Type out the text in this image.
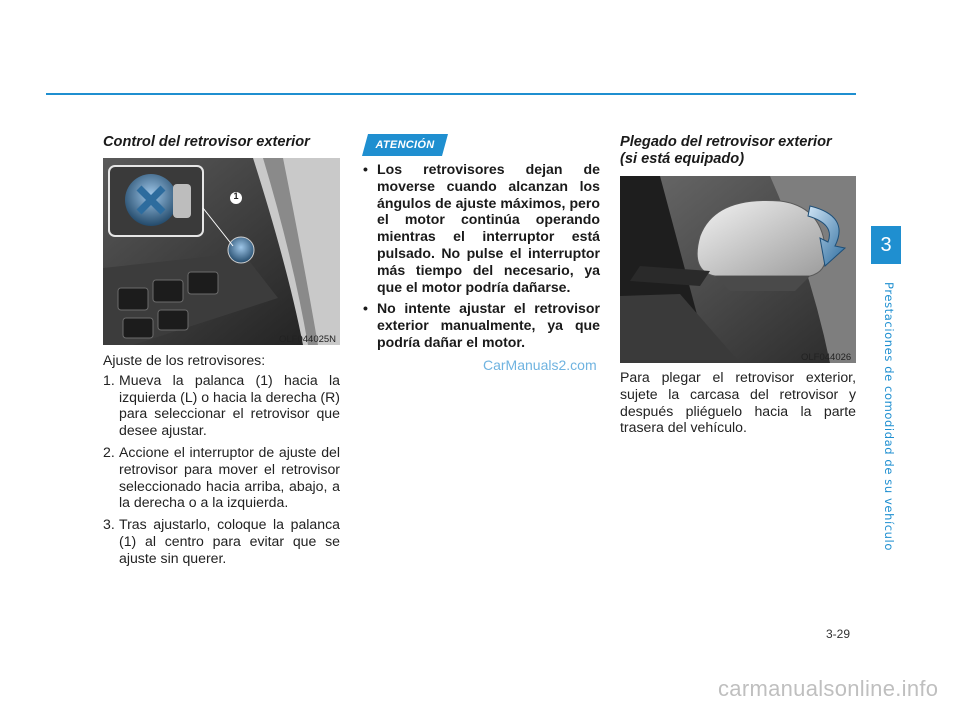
3
Prestaciones de comodidad de su vehículo
Control del retrovisor exterior
1
OLF044025N
Ajuste de los retrovisores:
1. Mueva la palanca (1) hacia la izquierda (L) o hacia la derecha (R) para seleccionar el retrovisor que desee ajustar.
2. Accione el interruptor de ajuste del retrovisor para mover el retrovisor seleccionado hacia arriba, abajo, a la derecha o a la izquierda.
3. Tras ajustarlo, coloque la palanca (1) al centro para evitar que se ajuste sin querer.
ATENCIÓN
• Los retrovisores dejan de moverse cuando alcanzan los ángulos de ajuste máximos, pero el motor continúa operando mientras el interruptor está pulsado. No pulse el interruptor más tiempo del necesario, ya que el motor podría dañarse.
• No intente ajustar el retrovisor exterior manualmente, ya que podría dañar el motor.
CarManuals2.com
Plegado del retrovisor exterior
(si está equipado)
OLF044026
Para plegar el retrovisor exterior, sujete la carcasa del retrovisor y después pliéguelo hacia la parte trasera del vehículo.
3-29
carmanualsonline.info
